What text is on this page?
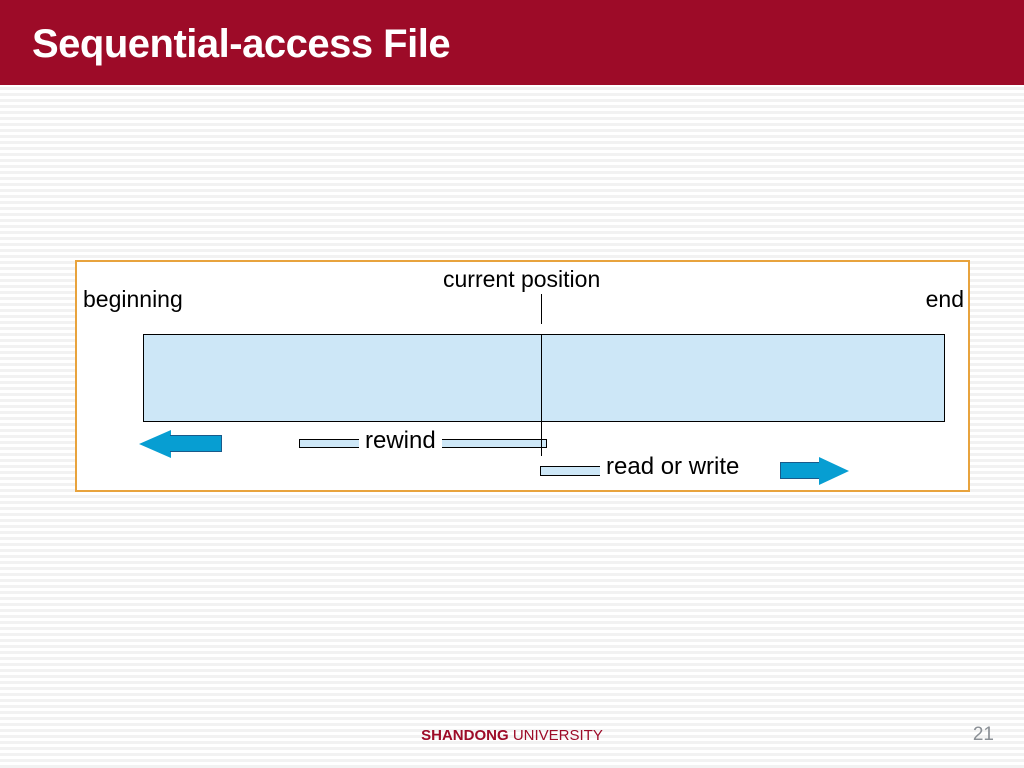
Sequential-access File
beginning
current position
end
rewind
read or write
SHANDONG UNIVERSITY	21
